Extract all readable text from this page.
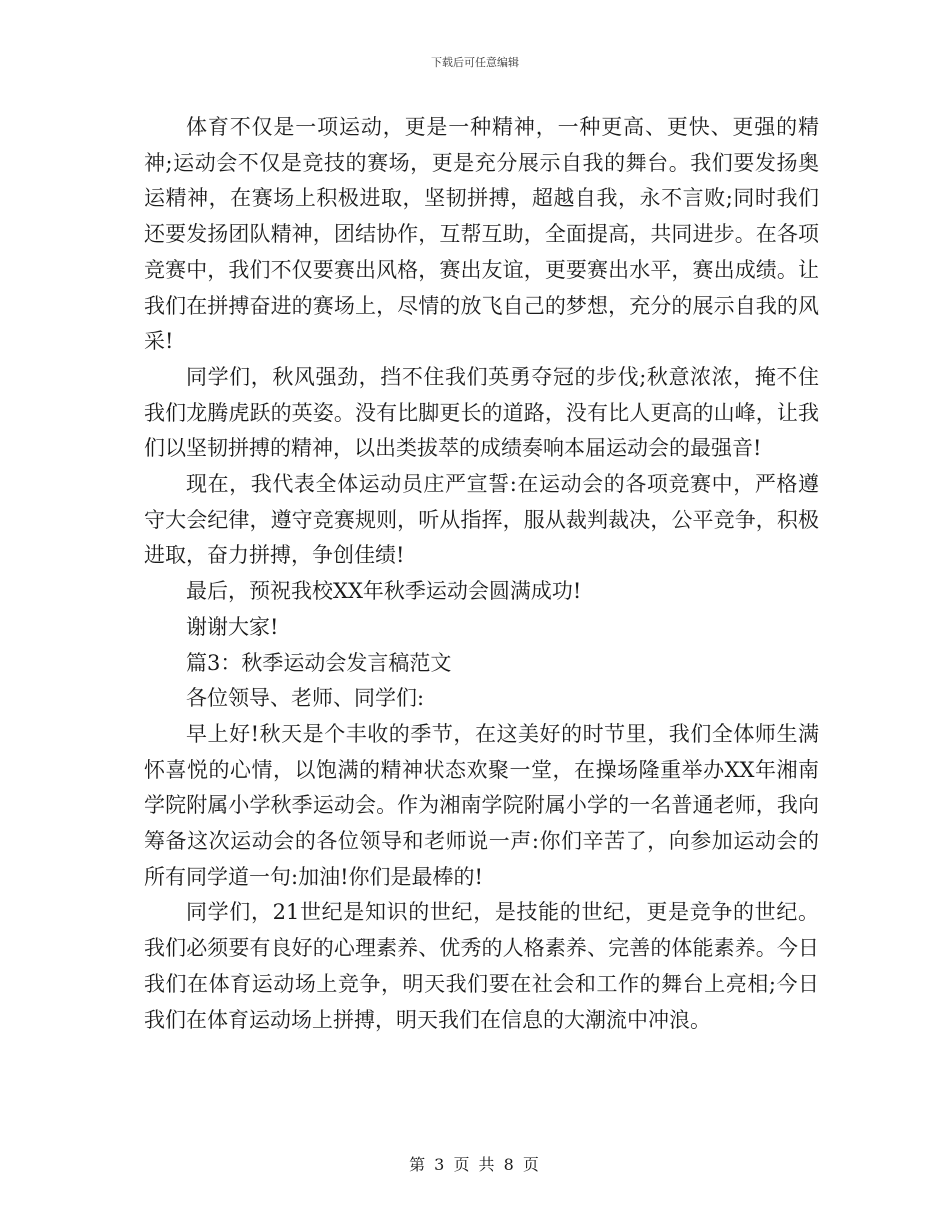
下载后可任意编辑

体育不仅是一项运动，更是一种精神，一种更高、更快、更强的精神;运动会不仅是竞技的赛场，更是充分展示自我的舞台。我们要发扬奥运精神，在赛场上积极进取，坚韧拼搏，超越自我，永不言败;同时我们还要发扬团队精神，团结协作，互帮互助，全面提高，共同进步。在各项竞赛中，我们不仅要赛出风格，赛出友谊，更要赛出水平，赛出成绩。让我们在拼搏奋进的赛场上，尽情的放飞自己的梦想，充分的展示自我的风采!

同学们，秋风强劲，挡不住我们英勇夺冠的步伐;秋意浓浓，掩不住我们龙腾虎跃的英姿。没有比脚更长的道路，没有比人更高的山峰，让我们以坚韧拼搏的精神，以出类拔萃的成绩奏响本届运动会的最强音!

现在，我代表全体运动员庄严宣誓:在运动会的各项竞赛中，严格遵守大会纪律，遵守竞赛规则，听从指挥，服从裁判裁决，公平竞争，积极进取，奋力拼搏，争创佳绩!

最后，预祝我校XX年秋季运动会圆满成功!

谢谢大家!

篇3：秋季运动会发言稿范文

各位领导、老师、同学们:

早上好!秋天是个丰收的季节，在这美好的时节里，我们全体师生满怀喜悦的心情，以饱满的精神状态欢聚一堂，在操场隆重举办XX年湘南学院附属小学秋季运动会。作为湘南学院附属小学的一名普通老师，我向筹备这次运动会的各位领导和老师说一声:你们辛苦了，向参加运动会的所有同学道一句:加油!你们是最棒的!

同学们，21世纪是知识的世纪，是技能的世纪，更是竞争的世纪。我们必须要有良好的心理素养、优秀的人格素养、完善的体能素养。今日我们在体育运动场上竞争，明天我们要在社会和工作的舞台上亮相;今日我们在体育运动场上拼搏，明天我们在信息的大潮流中冲浪。

第 3 页 共 8 页
